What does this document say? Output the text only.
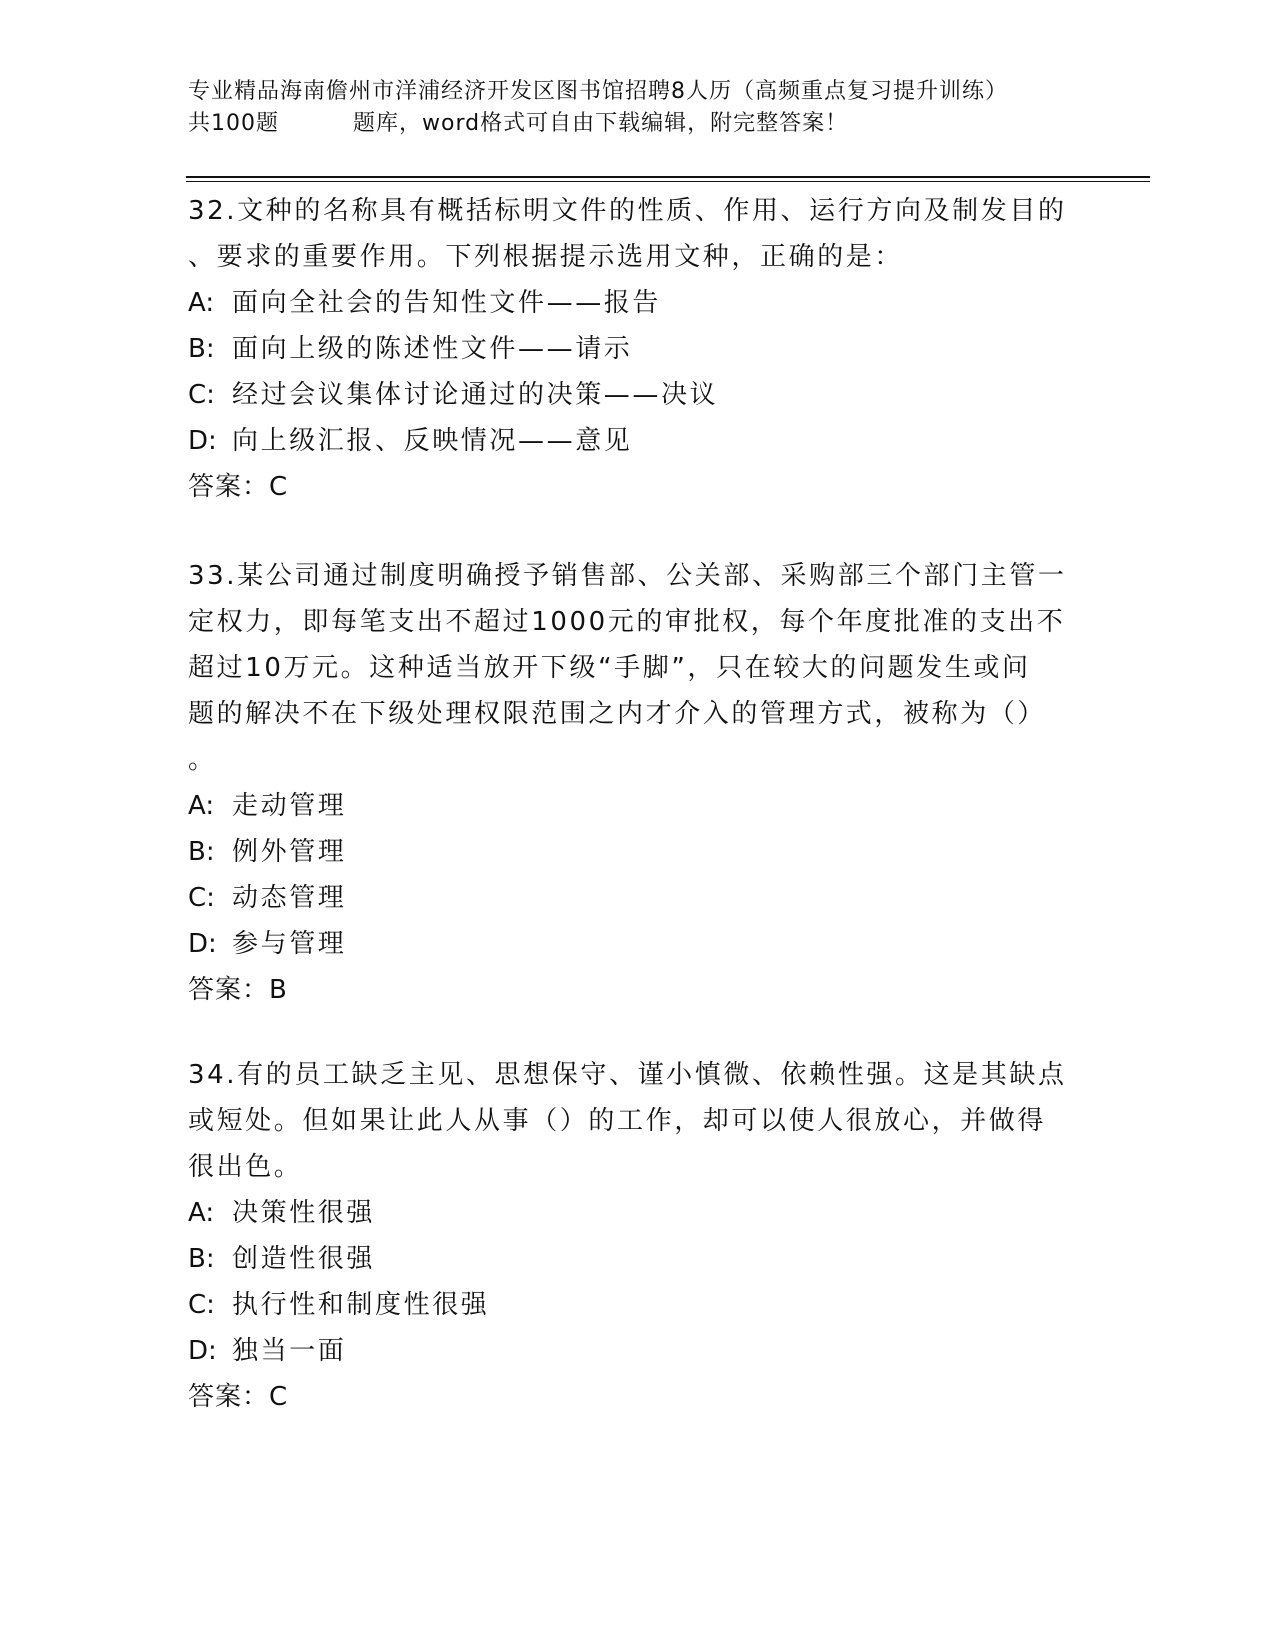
专业精品海南儋州市洋浦经济开发区图书馆招聘8人历（高频重点复习提升训练）
共100题	题库，word格式可自由下载编辑，附完整答案！
32.文种的名称具有概括标明文件的性质、作用、运行方向及制发目的
、要求的重要作用。下列根据提示选用文种，正确的是：
A: 面向全社会的告知性文件——报告
B: 面向上级的陈述性文件——请示
C: 经过会议集体讨论通过的决策——决议
D: 向上级汇报、反映情况——意见
答案：C
33.某公司通过制度明确授予销售部、公关部、采购部三个部门主管一
定权力，即每笔支出不超过1000元的审批权，每个年度批准的支出不
超过10万元。这种适当放开下级“手脚”，只在较大的问题发生或问
题的解决不在下级处理权限范围之内才介入的管理方式，被称为（）
。
A: 走动管理
B: 例外管理
C: 动态管理
D: 参与管理
答案：B
34.有的员工缺乏主见、思想保守、谨小慎微、依赖性强。这是其缺点
或短处。但如果让此人从事（）的工作，却可以使人很放心，并做得
很出色。
A: 决策性很强
B: 创造性很强
C: 执行性和制度性很强
D: 独当一面
答案：C
